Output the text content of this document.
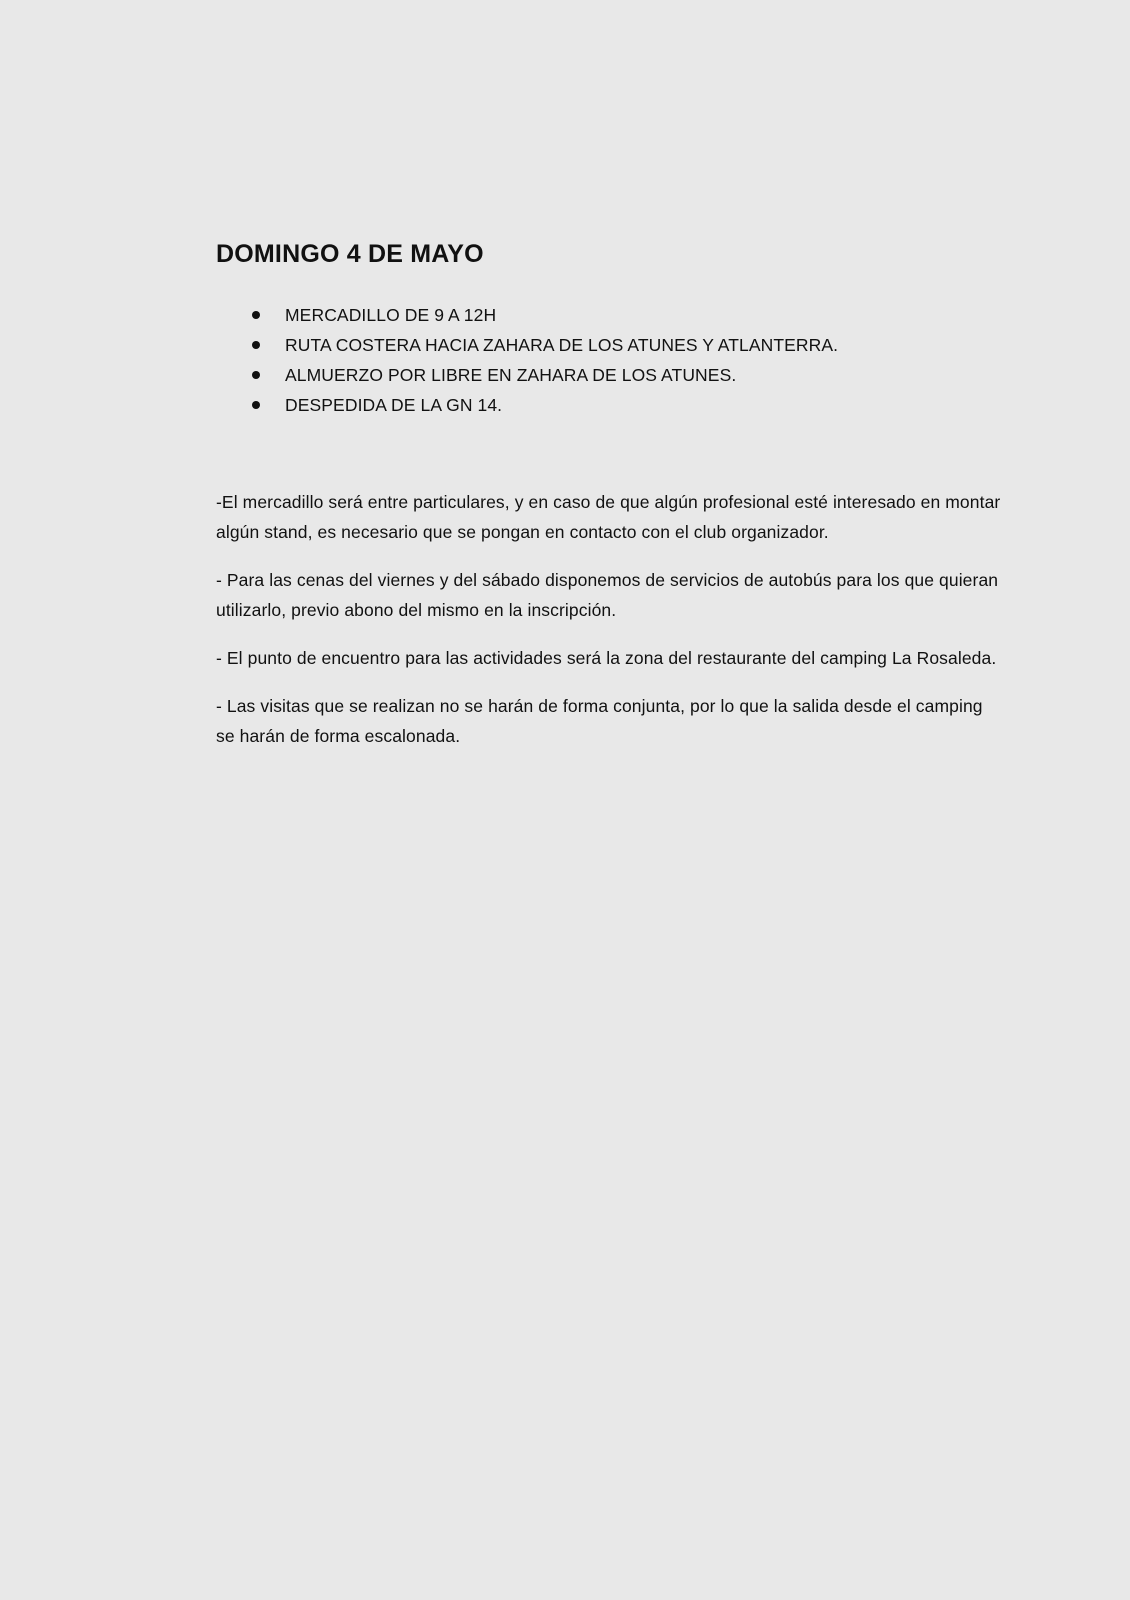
DOMINGO 4 DE MAYO
MERCADILLO DE 9 A 12H
RUTA COSTERA HACIA ZAHARA DE LOS ATUNES Y ATLANTERRA.
ALMUERZO POR LIBRE EN ZAHARA DE LOS ATUNES.
DESPEDIDA DE LA GN 14.

-El mercadillo será entre particulares, y en caso de que algún profesional esté interesado en montar algún stand, es necesario que se pongan en contacto con el club organizador.

- Para las cenas del viernes y del sábado disponemos de servicios de autobús para los que quieran utilizarlo, previo abono del mismo en la inscripción.

- El punto de encuentro para las actividades será la zona del restaurante del camping La Rosaleda.

- Las visitas que se realizan no se harán de forma conjunta, por lo que la salida desde el camping se harán de forma escalonada.
